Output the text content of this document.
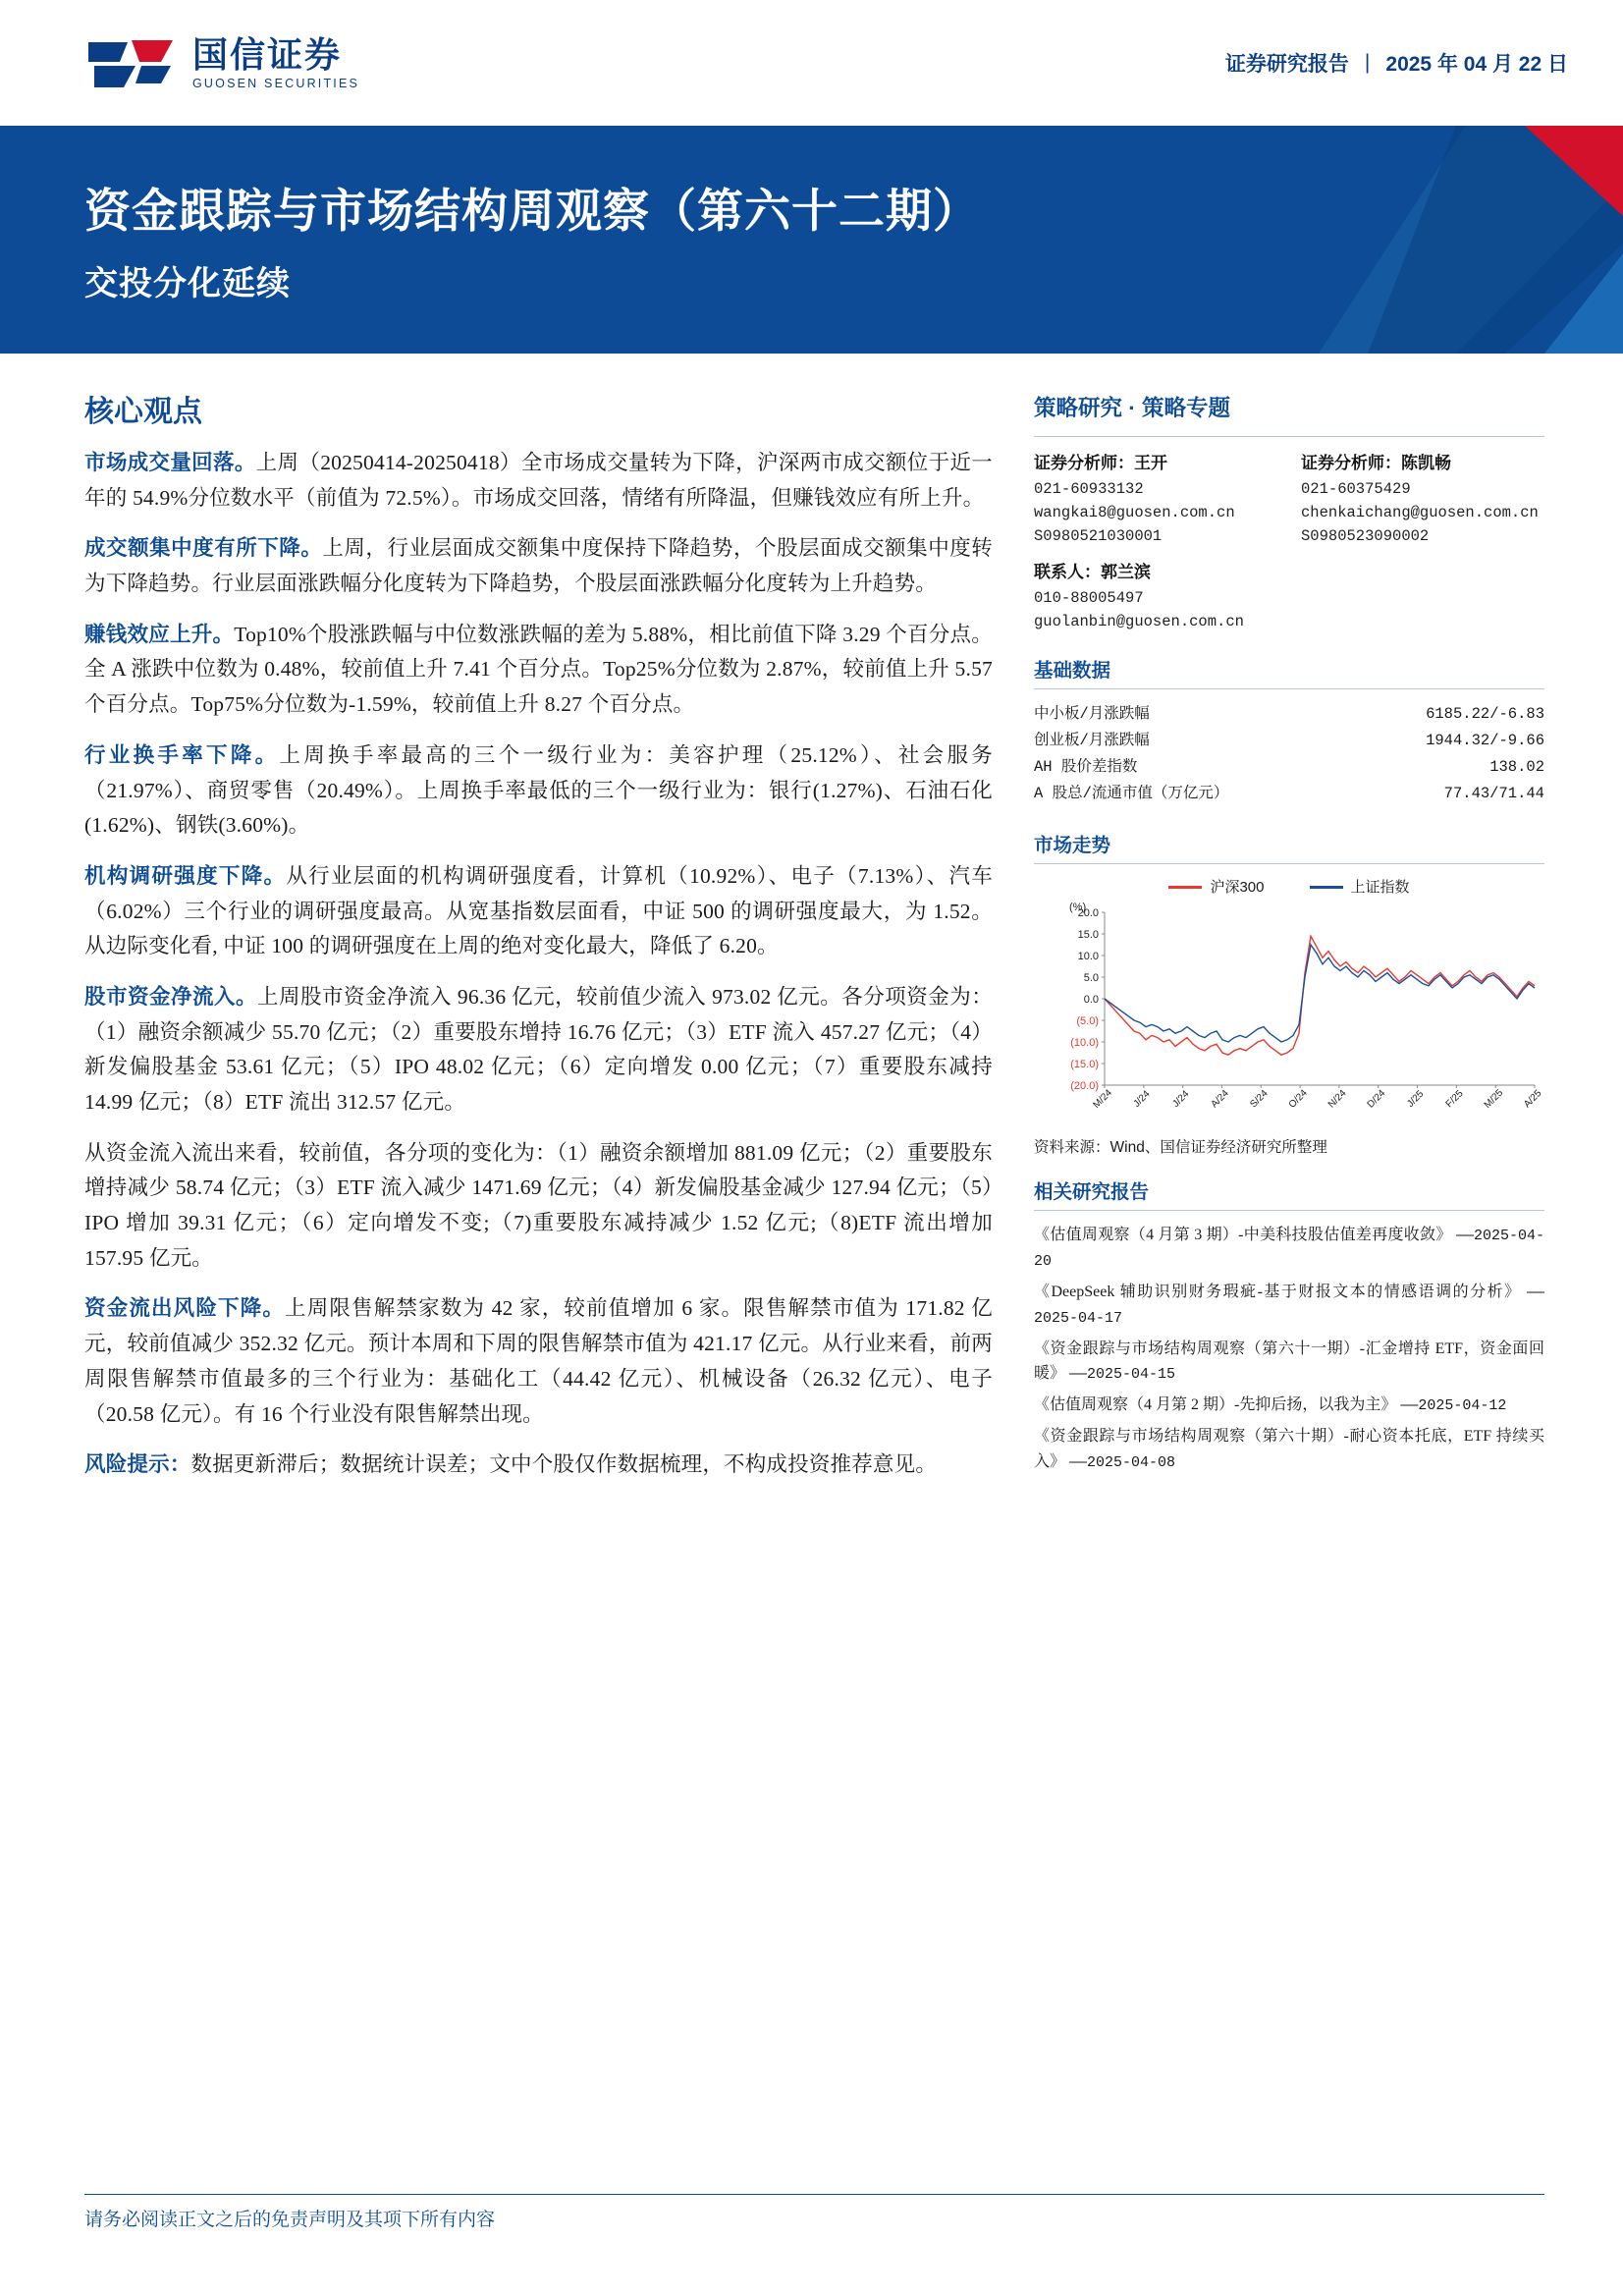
国信证券
GUOSEN SECURITIES
证券研究报告 | 2025 年 04 月 22 日
资金跟踪与市场结构周观察（第六十二期）
交投分化延续
核心观点

市场成交量回落。上周（20250414-20250418）全市场成交量转为下降，沪深两市成交额位于近一年的 54.9%分位数水平（前值为 72.5%）。市场成交回落，情绪有所降温，但赚钱效应有所上升。

成交额集中度有所下降。上周，行业层面成交额集中度保持下降趋势，个股层面成交额集中度转为下降趋势。行业层面涨跌幅分化度转为下降趋势，个股层面涨跌幅分化度转为上升趋势。

赚钱效应上升。Top10%个股涨跌幅与中位数涨跌幅的差为 5.88%，相比前值下降 3.29 个百分点。全 A 涨跌中位数为 0.48%，较前值上升 7.41 个百分点。Top25%分位数为 2.87%，较前值上升 5.57 个百分点。Top75%分位数为-1.59%，较前值上升 8.27 个百分点。

行业换手率下降。上周换手率最高的三个一级行业为：美容护理（25.12%）、社会服务（21.97%）、商贸零售（20.49%）。上周换手率最低的三个一级行业为：银行(1.27%)、石油石化(1.62%)、钢铁(3.60%)。

机构调研强度下降。从行业层面的机构调研强度看，计算机（10.92%）、电子（7.13%）、汽车（6.02%）三个行业的调研强度最高。从宽基指数层面看，中证 500 的调研强度最大，为 1.52。从边际变化看, 中证 100 的调研强度在上周的绝对变化最大，降低了 6.20。

股市资金净流入。上周股市资金净流入 96.36 亿元，较前值少流入 973.02 亿元。各分项资金为：（1）融资余额减少 55.70 亿元；（2）重要股东增持 16.76 亿元；（3）ETF 流入 457.27 亿元；（4）新发偏股基金 53.61 亿元；（5）IPO 48.02 亿元；（6）定向增发 0.00 亿元；（7）重要股东减持 14.99 亿元；（8）ETF 流出 312.57 亿元。

从资金流入流出来看，较前值，各分项的变化为：（1）融资余额增加 881.09 亿元；（2）重要股东增持减少 58.74 亿元；（3）ETF 流入减少 1471.69 亿元；（4）新发偏股基金减少 127.94 亿元；（5）IPO 增加 39.31 亿元；（6）定向增发不变;（7)重要股东减持减少 1.52 亿元;（8)ETF 流出增加 157.95 亿元。

资金流出风险下降。上周限售解禁家数为 42 家，较前值增加 6 家。限售解禁市值为 171.82 亿元，较前值减少 352.32 亿元。预计本周和下周的限售解禁市值为 421.17 亿元。从行业来看，前两周限售解禁市值最多的三个行业为：基础化工（44.42 亿元）、机械设备（26.32 亿元）、电子（20.58 亿元）。有 16 个行业没有限售解禁出现。

风险提示：数据更新滞后；数据统计误差；文中个股仅作数据梳理，不构成投资推荐意见。

策略研究 · 策略专题
证券分析师：王开
021-60933132
wangkai8@guosen.com.cn
S0980521030001
证券分析师：陈凯畅
021-60375429
chenkaichang@guosen.com.cn
S0980523090002
联系人：郭兰滨
010-88005497
guolanbin@guosen.com.cn
基础数据
中小板/月涨跌幅	6185.22/-6.83
创业板/月涨跌幅	1944.32/-9.66
AH 股价差指数	138.02
A 股总/流通市值（万亿元）	77.43/71.44
市场走势
沪深300	上证指数
20.0
15.0
10.0
5.0
0.0
(5.0)
(10.0)
(15.0)
(20.0)
(%)
M/24 J/24 J/24 A/24 S/24 O/24 N/24 D/24 J/25 F/25 M/25 A/25
资料来源：Wind、国信证券经济研究所整理
相关研究报告
《估值周观察（4 月第 3 期）-中美科技股估值差再度收敛》 ——2025-04-20
《DeepSeek 辅助识别财务瑕疵-基于财报文本的情感语调的分析》 ——2025-04-17
《资金跟踪与市场结构周观察（第六十一期）-汇金增持 ETF，资金面回暖》 ——2025-04-15
《估值周观察（4 月第 2 期）-先抑后扬，以我为主》 ——2025-04-12
《资金跟踪与市场结构周观察（第六十期）-耐心资本托底，ETF 持续买入》 ——2025-04-08
请务必阅读正文之后的免责声明及其项下所有内容
